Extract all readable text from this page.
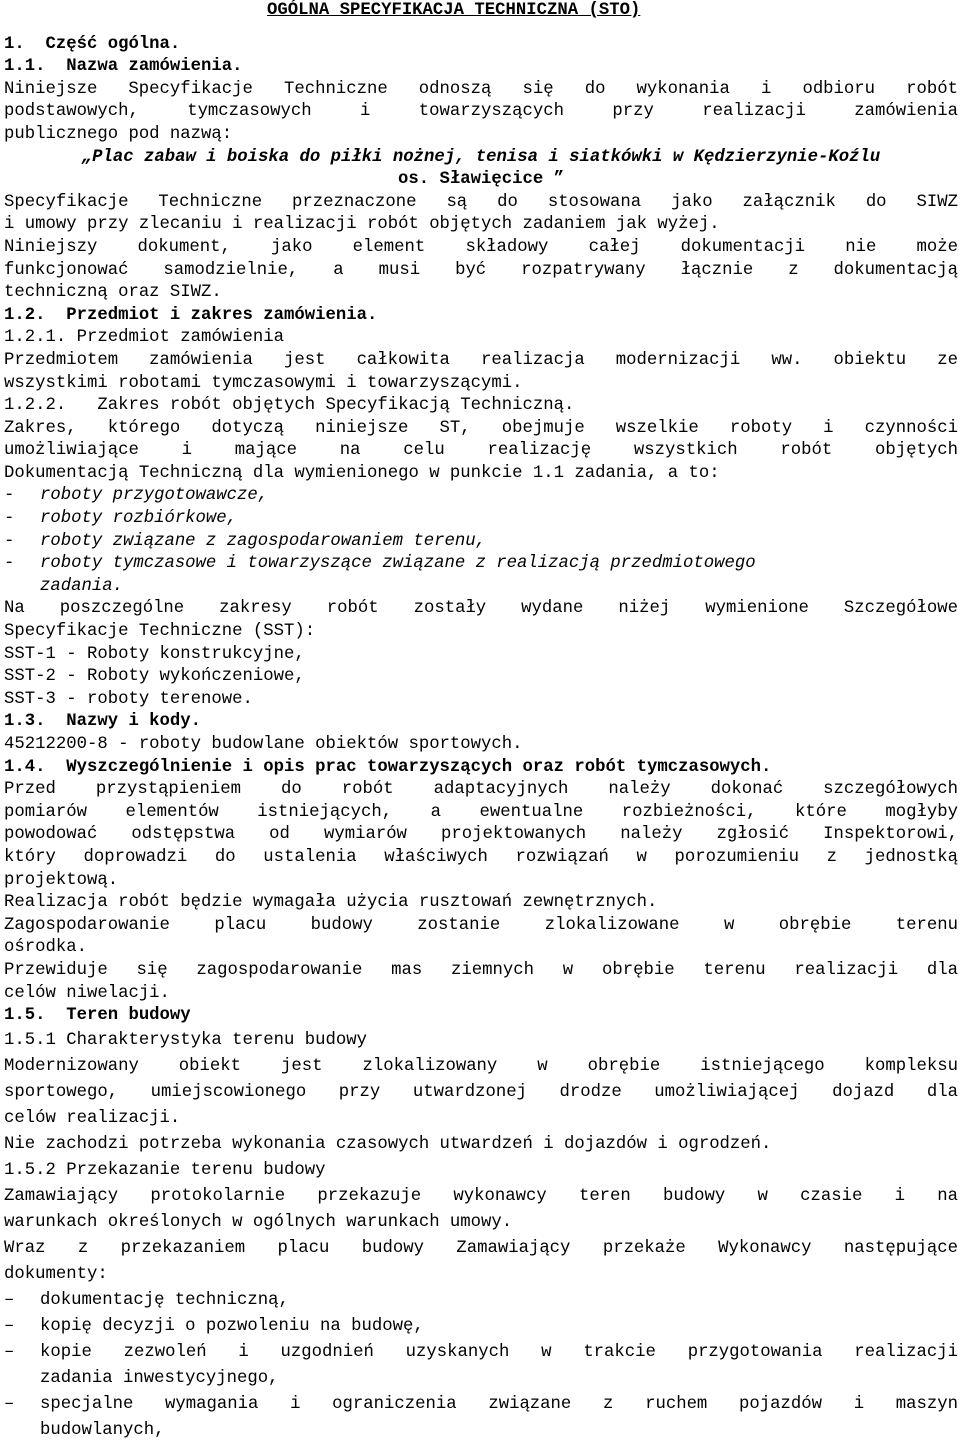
OGÓLNA SPECYFIKACJA TECHNICZNA (STO)
1.  Część ogólna.
1.1.  Nazwa zamówienia.
Niniejsze Specyfikacje Techniczne odnoszą się do wykonania i odbioru robót
podstawowych, tymczasowych i towarzyszących przy realizacji zamówienia
publicznego pod nazwą:
„Plac zabaw i boiska do piłki nożnej, tenisa i siatkówki w Kędzierzynie-Koźlu
os. Sławięcice ”
Specyfikacje Techniczne przeznaczone są do stosowana jako załącznik do SIWZ
i umowy przy zlecaniu i realizacji robót objętych zadaniem jak wyżej.
Niniejszy dokument, jako element składowy całej dokumentacji nie może
funkcjonować samodzielnie, a musi być rozpatrywany łącznie z dokumentacją
techniczną oraz SIWZ.
1.2.  Przedmiot i zakres zamówienia.
1.2.1. Przedmiot zamówienia
Przedmiotem zamówienia jest całkowita realizacja modernizacji ww. obiektu ze
wszystkimi robotami tymczasowymi i towarzyszącymi.
1.2.2.   Zakres robót objętych Specyfikacją Techniczną.
Zakres, którego dotyczą niniejsze ST, obejmuje wszelkie roboty i czynności
umożliwiające i mające na celu realizację wszystkich robót objętych
Dokumentacją Techniczną dla wymienionego w punkcie 1.1 zadania, a to:
- roboty przygotowawcze,
- roboty rozbiórkowe,
- roboty związane z zagospodarowaniem terenu,
- roboty tymczasowe i towarzyszące związane z realizacją przedmiotowego
zadania.
Na poszczególne zakresy robót zostały wydane niżej wymienione Szczegółowe
Specyfikacje Techniczne (SST):
SST-1 - Roboty konstrukcyjne,
SST-2 - Roboty wykończeniowe,
SST-3 - roboty terenowe.
1.3.  Nazwy i kody.
45212200-8 - roboty budowlane obiektów sportowych.
1.4.  Wyszczególnienie i opis prac towarzyszących oraz robót tymczasowych.
Przed przystąpieniem do robót adaptacyjnych należy dokonać szczegółowych
pomiarów elementów istniejących, a ewentualne rozbieżności, które mogłyby
powodować odstępstwa od wymiarów projektowanych należy zgłosić Inspektorowi,
który doprowadzi do ustalenia właściwych rozwiązań w porozumieniu z jednostką
projektową.
Realizacja robót będzie wymagała użycia rusztowań zewnętrznych.
Zagospodarowanie placu budowy zostanie zlokalizowane w obrębie terenu
ośrodka.
Przewiduje się zagospodarowanie mas ziemnych w obrębie terenu realizacji dla
celów niwelacji.
1.5.  Teren budowy
1.5.1 Charakterystyka terenu budowy
Modernizowany obiekt jest zlokalizowany w obrębie istniejącego kompleksu
sportowego, umiejscowionego przy utwardzonej drodze umożliwiającej dojazd dla
celów realizacji.
Nie zachodzi potrzeba wykonania czasowych utwardzeń i dojazdów i ogrodzeń.
1.5.2 Przekazanie terenu budowy
Zamawiający protokolarnie przekazuje wykonawcy teren budowy w czasie i na
warunkach określonych w ogólnych warunkach umowy.
Wraz z przekazaniem placu budowy Zamawiający przekaże Wykonawcy następujące
dokumenty:
– dokumentację techniczną,
– kopię decyzji o pozwoleniu na budowę,
–	kopie zezwoleń i uzgodnień uzyskanych w trakcie przygotowania realizacji
zadania inwestycyjnego,
–	specjalne wymagania i ograniczenia związane z ruchem pojazdów i maszyn
budowlanych,
